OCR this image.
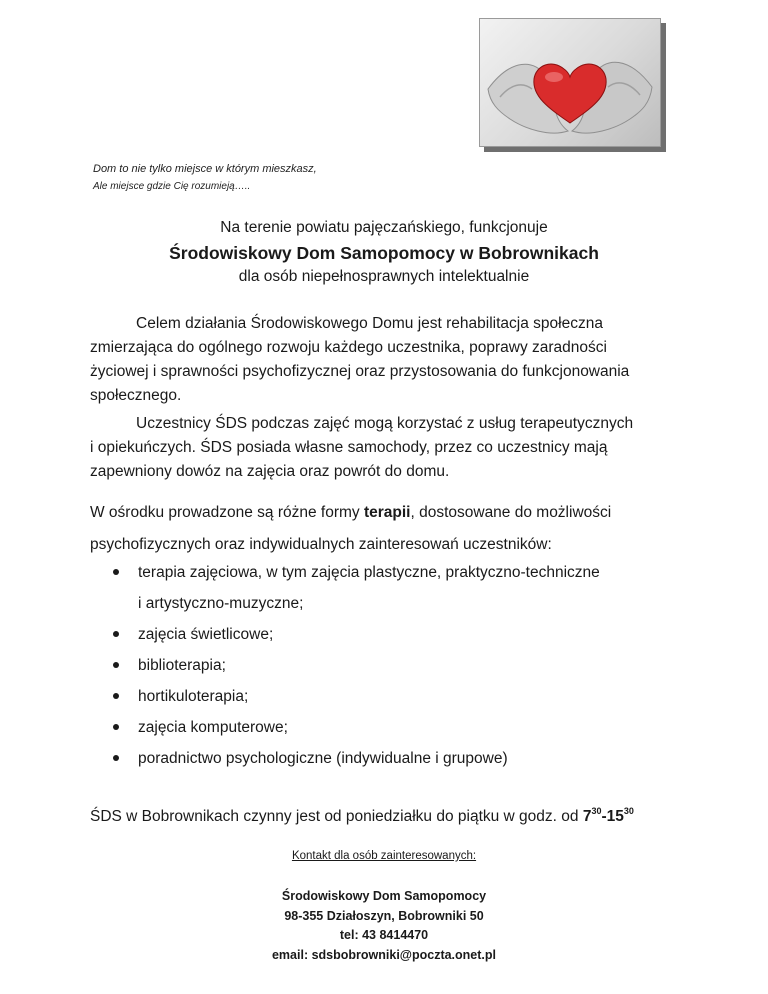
Dom to nie tylko miejsce w którym mieszkasz,
Ale miejsce gdzie Cię rozumieją…..
Na terenie powiatu pajęczańskiego, funkcjonuje
Środowiskowy Dom Samopomocy w Bobrownikach
dla osób niepełnosprawnych intelektualnie
Celem działania Środowiskowego Domu jest rehabilitacja społeczna
zmierzająca do ogólnego rozwoju każdego uczestnika, poprawy zaradności
życiowej i sprawności psychofizycznej oraz przystosowania do funkcjonowania
społecznego.
Uczestnicy ŚDS podczas zajęć mogą korzystać z usług terapeutycznych
i opiekuńczych. ŚDS posiada własne samochody, przez co uczestnicy mają
zapewniony dowóz na zajęcia oraz powrót do domu.
W ośrodku prowadzone są różne formy terapii, dostosowane do możliwości
psychofizycznych oraz indywidualnych zainteresowań uczestników:
terapia zajęciowa, w tym zajęcia plastyczne, praktyczno-techniczne
i artystyczno-muzyczne;
zajęcia świetlicowe;
biblioterapia;
hortikuloterapia;
zajęcia komputerowe;
poradnictwo psychologiczne (indywidualne i grupowe)
ŚDS w Bobrownikach czynny jest od poniedziałku do piątku w godz. od $7^{30}-15^{30}$
Kontakt dla osób zainteresowanych:
Środowiskowy Dom Samopomocy
98-355 Działoszyn, Bobrowniki 50
tel: 43 8414470
email: sdsbobrowniki@poczta.onet.pl
